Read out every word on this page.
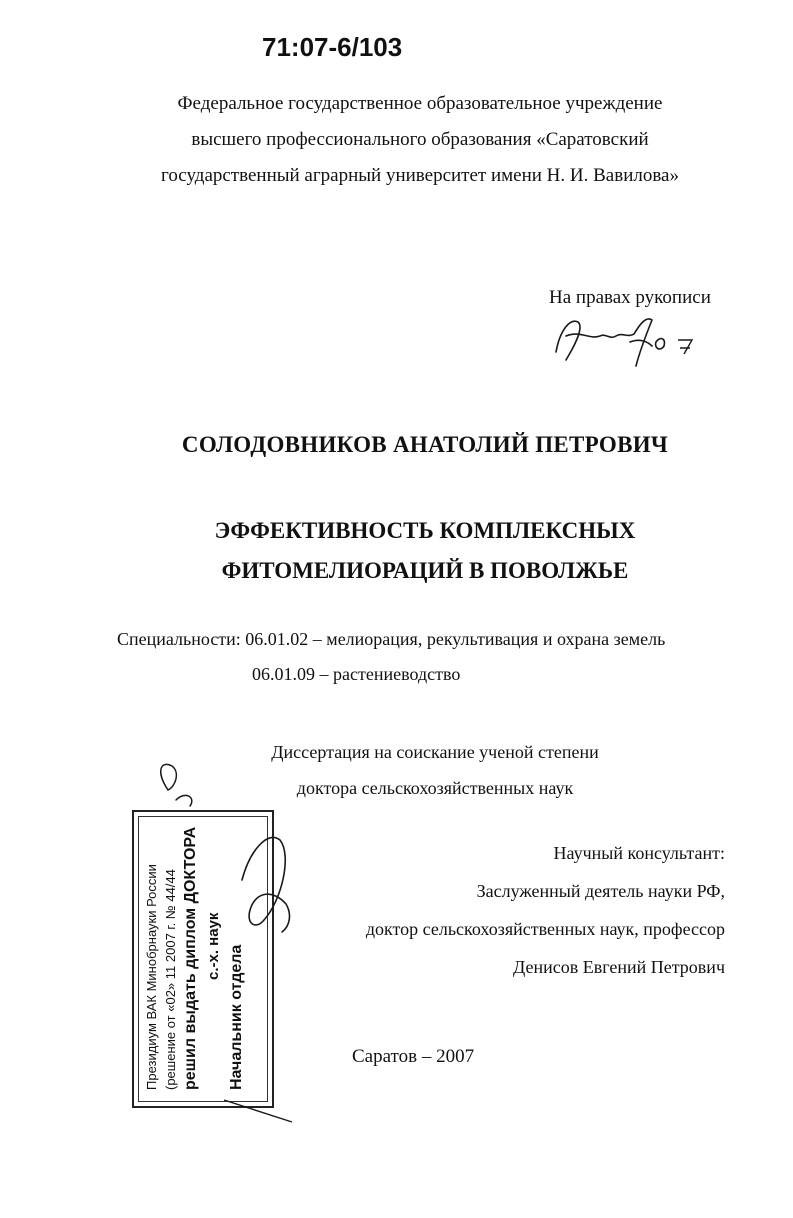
71:07-6/103
Федеральное государственное образовательное учреждение
высшего профессионального образования «Саратовский
государственный аграрный университет имени Н. И. Вавилова»
На правах рукописи
СОЛОДОВНИКОВ АНАТОЛИЙ ПЕТРОВИЧ
ЭФФЕКТИВНОСТЬ КОМПЛЕКСНЫХ
ФИТОМЕЛИОРАЦИЙ В ПОВОЛЖЬЕ
Специальности: 06.01.02 – мелиорация, рекультивация и охрана земель
06.01.09 – растениеводство
Диссертация на соискание ученой степени
доктора сельскохозяйственных наук
Научный консультант:
Заслуженный деятель науки РФ,
доктор сельскохозяйственных наук, профессор
Денисов Евгений Петрович
Саратов – 2007
Президиум ВАК Минобрнауки России (решение от «02» 11 2007 г. № 44/44 решил выдать диплом ДОКТОРА с.-х. наук Начальник отдела
